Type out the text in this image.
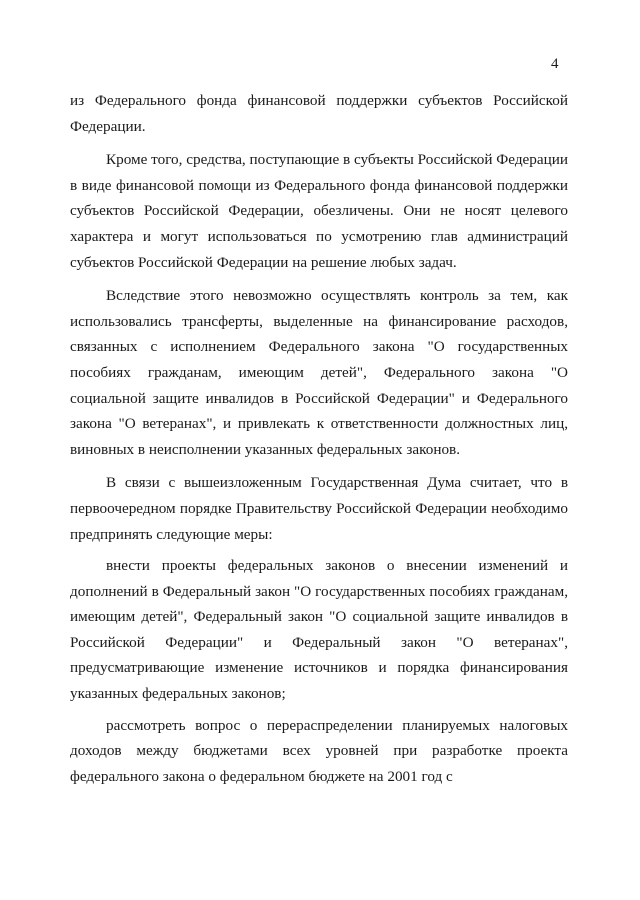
4

из Федерального фонда финансовой поддержки субъектов Российской Федерации.

Кроме того, средства, поступающие в субъекты Российской Федерации в виде финансовой помощи из Федерального фонда финансовой поддержки субъектов Российской Федерации, обезличены. Они не носят целевого характера и могут использоваться по усмотрению глав администраций субъектов Российской Федерации на решение любых задач.

Вследствие этого невозможно осуществлять контроль за тем, как использовались трансферты, выделенные на финансирование расходов, связанных с исполнением Федерального закона "О государственных пособиях гражданам, имеющим детей", Федерального закона "О социальной защите инвалидов в Российской Федерации" и Федерального закона "О ветеранах", и привлекать к ответственности должностных лиц, виновных в неисполнении указанных федеральных законов.

В связи с вышеизложенным Государственная Дума считает, что в первоочередном порядке Правительству Российской Федерации необходимо предпринять следующие меры:

внести проекты федеральных законов о внесении изменений и дополнений в Федеральный закон "О государственных пособиях гражданам, имеющим детей", Федеральный закон "О социальной защите инвалидов в Российской Федерации" и Федеральный закон "О ветеранах", предусматривающие изменение источников и порядка финансирования указанных федеральных законов;

рассмотреть вопрос о перераспределении планируемых налоговых доходов между бюджетами всех уровней при разработке проекта федерального закона о федеральном бюджете на 2001 год с
